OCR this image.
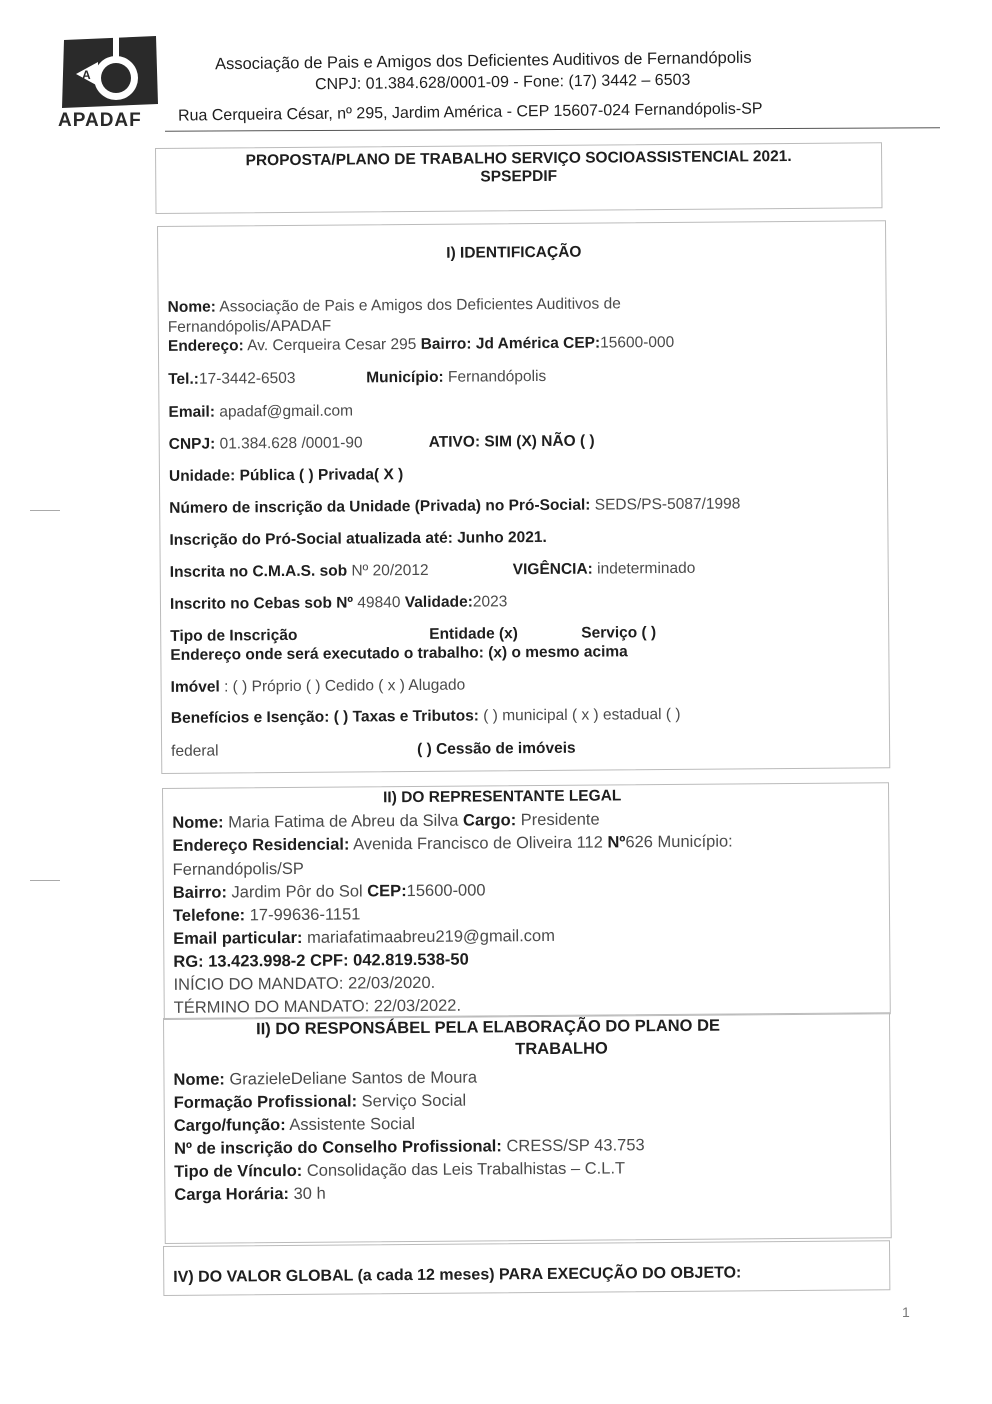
A
APADAF
Associação de Pais e Amigos dos Deficientes Auditivos de Fernandópolis
CNPJ: 01.384.628/0001-09 - Fone: (17) 3442 – 6503
Rua Cerqueira César, nº 295, Jardim América - CEP 15607-024 Fernandópolis-SP
PROPOSTA/PLANO DE TRABALHO SERVIÇO SOCIOASSISTENCIAL 2021.
SPSEPDIF
I) IDENTIFICAÇÃO
Nome: Associação de Pais e Amigos dos Deficientes Auditivos de
Fernandópolis/APADAF
Endereço: Av. Cerqueira Cesar 295 Bairro: Jd América CEP:15600-000
Tel.:17-3442-6503	Município: Fernandópolis
Email: apadaf@gmail.com
CNPJ: 01.384.628 /0001-90	ATIVO: SIM (X) NÃO ( )
Unidade: Pública ( ) Privada( X )
Número de inscrição da Unidade (Privada) no Pró-Social: SEDS/PS-5087/1998
Inscrição do Pró-Social atualizada até: Junho 2021.
Inscrita no C.M.A.S. sob Nº 20/2012	VIGÊNCIA: indeterminado
Inscrito no Cebas sob Nº 49840 Validade:2023
Tipo de Inscrição	Entidade (x)	Serviço ( )
Endereço onde será executado o trabalho: (x) o mesmo acima
Imóvel : ( ) Próprio ( ) Cedido ( x ) Alugado
Benefícios e Isenção: ( ) Taxas e Tributos: ( ) municipal ( x ) estadual ( )
federal	( ) Cessão de imóveis
II) DO REPRESENTANTE LEGAL
Nome: Maria Fatima de Abreu da Silva Cargo: Presidente
Endereço Residencial: Avenida Francisco de Oliveira 112 Nº626 Município:
Fernandópolis/SP
Bairro: Jardim Pôr do Sol CEP:15600-000
Telefone: 17-99636-1151
Email particular: mariafatimaabreu219@gmail.com
RG: 13.423.998-2 CPF: 042.819.538-50
INÍCIO DO MANDATO: 22/03/2020.
TÉRMINO DO MANDATO: 22/03/2022.
II) DO RESPONSÁBEL PELA ELABORAÇÃO DO PLANO DE
TRABALHO
Nome: GrazieleDeliane Santos de Moura
Formação Profissional: Serviço Social
Cargo/função: Assistente Social
Nº de inscrição do Conselho Profissional: CRESS/SP 43.753
Tipo de Vínculo: Consolidação das Leis Trabalhistas – C.L.T
Carga Horária: 30 h
IV) DO VALOR GLOBAL (a cada 12 meses) PARA EXECUÇÃO DO OBJETO:
1
